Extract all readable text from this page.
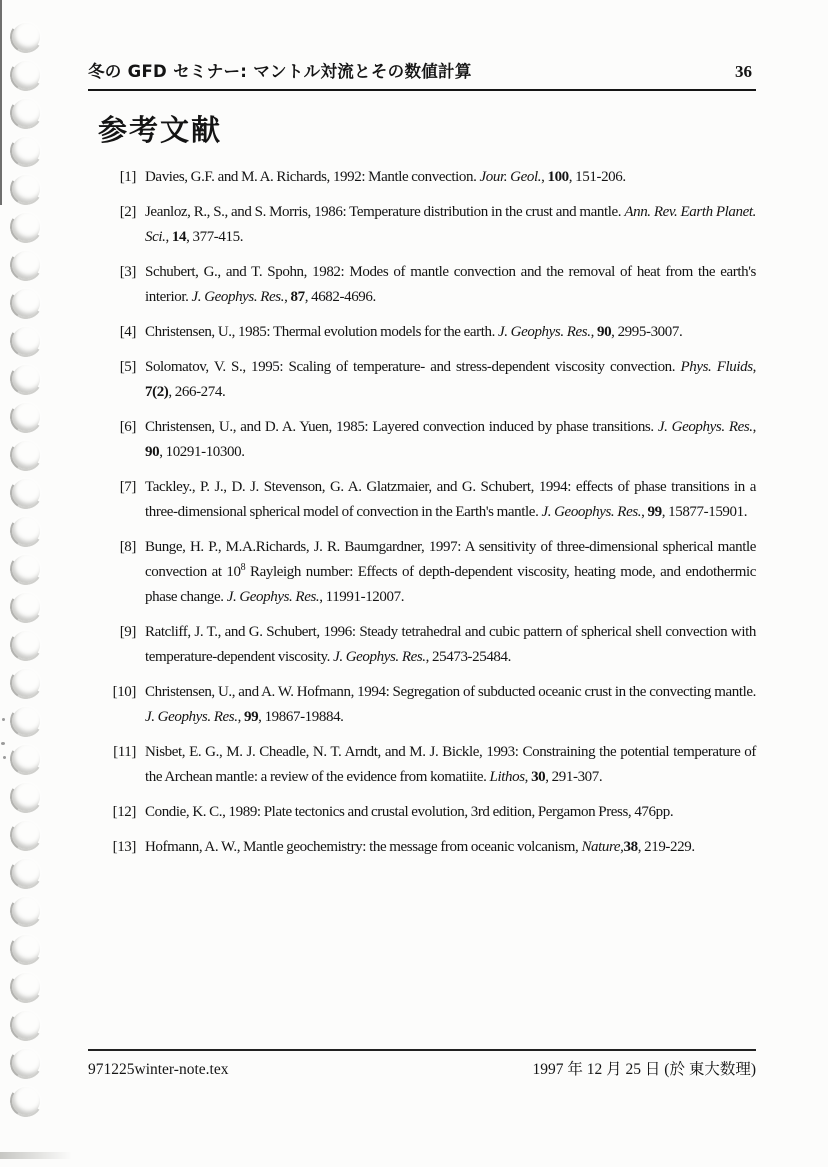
冬の GFD セミナー: マントル対流とその数値計算	36
参考文献
[1] Davies, G.F. and M. A. Richards, 1992: Mantle convection. Jour. Geol., 100, 151-206.
[2] Jeanloz, R., S., and S. Morris, 1986: Temperature distribution in the crust and mantle. Ann. Rev. Earth Planet. Sci., 14, 377-415.
[3] Schubert, G., and T. Spohn, 1982: Modes of mantle convection and the removal of heat from the earth's interior. J. Geophys. Res., 87, 4682-4696.
[4] Christensen, U., 1985: Thermal evolution models for the earth. J. Geophys. Res., 90, 2995-3007.
[5] Solomatov, V. S., 1995: Scaling of temperature- and stress-dependent viscosity convection. Phys. Fluids, 7(2), 266-274.
[6] Christensen, U., and D. A. Yuen, 1985: Layered convection induced by phase transitions. J. Geophys. Res., 90, 10291-10300.
[7] Tackley., P. J., D. J. Stevenson, G. A. Glatzmaier, and G. Schubert, 1994: effects of phase transitions in a three-dimensional spherical model of convection in the Earth's mantle. J. Geoophys. Res., 99, 15877-15901.
[8] Bunge, H. P., M.A.Richards, J. R. Baumgardner, 1997: A sensitivity of three-dimensional spherical mantle convection at $10^8$ Rayleigh number: Effects of depth-dependent viscosity, heating mode, and endothermic phase change. J. Geophys. Res., 11991-12007.
[9] Ratcliff, J. T., and G. Schubert, 1996: Steady tetrahedral and cubic pattern of spherical shell convection with temperature-dependent viscosity. J. Geophys. Res., 25473-25484.
[10] Christensen, U., and A. W. Hofmann, 1994: Segregation of subducted oceanic crust in the convecting mantle. J. Geophys. Res., 99, 19867-19884.
[11] Nisbet, E. G., M. J. Cheadle, N. T. Arndt, and M. J. Bickle, 1993: Constraining the potential temperature of the Archean mantle: a review of the evidence from komatiite. Lithos, 30, 291-307.
[12] Condie, K. C., 1989: Plate tectonics and crustal evolution, 3rd edition, Pergamon Press, 476pp.
[13] Hofmann, A. W., Mantle geochemistry: the message from oceanic volcanism, Nature,38, 219-229.
971225winter-note.tex	1997 年 12 月 25 日 (於 東大数理)
